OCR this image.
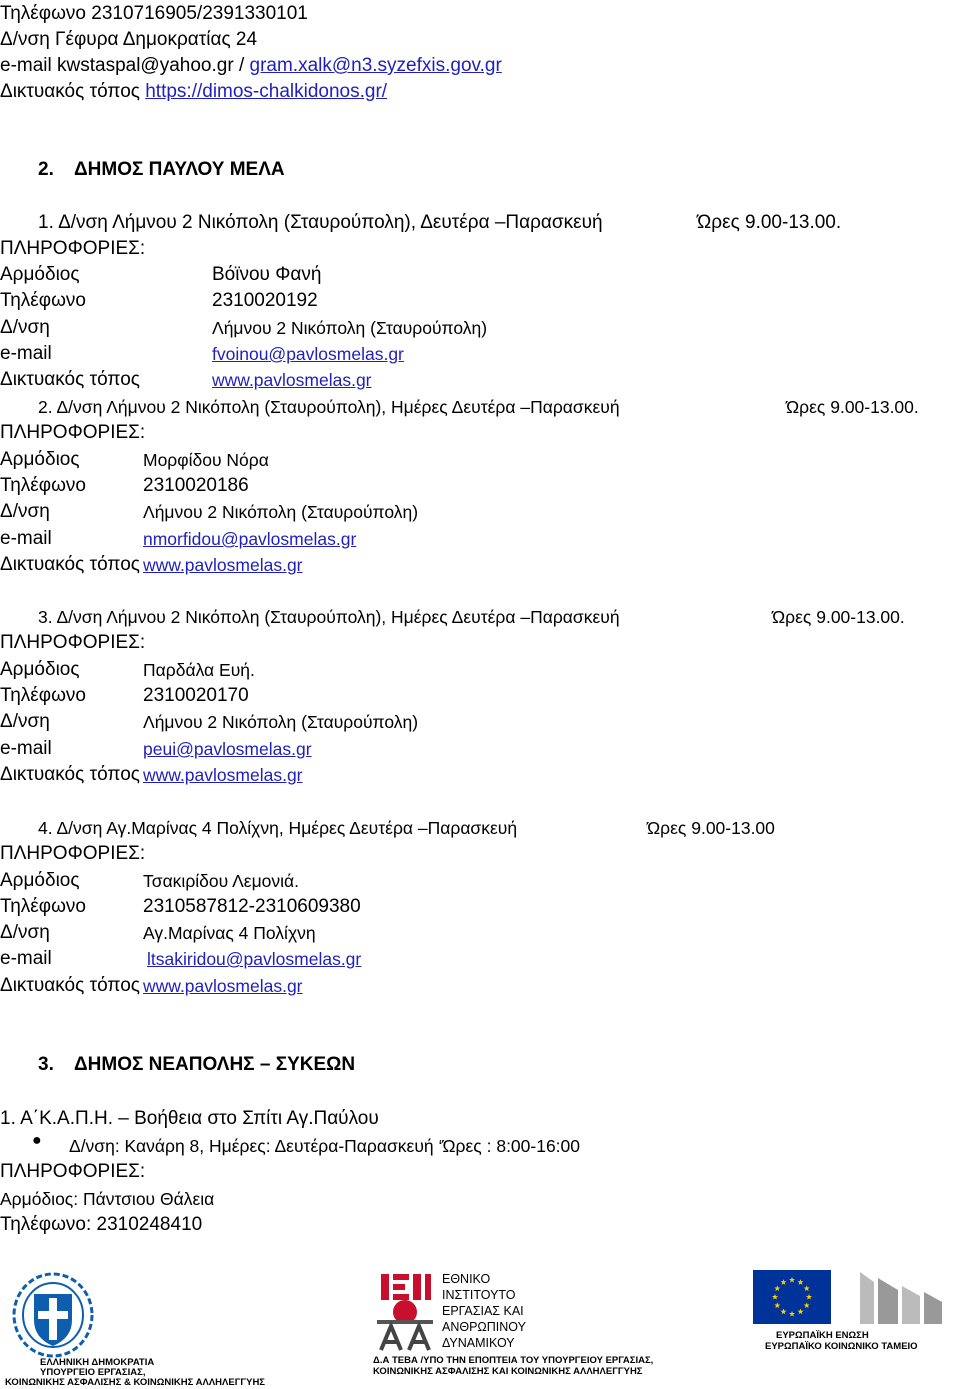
Τηλέφωνο 2310716905/2391330101
Δ/νση Γέφυρα Δημοκρατίας 24
e-mail kwstaspal@yahoo.gr / gram.xalk@n3.syzefxis.gov.gr
Δικτυακός τόπος https://dimos-chalkidonos.gr/
2. ΔΗΜΟΣ ΠΑΥΛΟΥ ΜΕΛΑ
1. Δ/νση Λήμνου 2 Νικόπολη (Σταυρούπολη), Δευτέρα –Παρασκευή	Ώρες 9.00-13.00.
ΠΛΗΡΟΦΟΡΙΕΣ:
Αρμόδιος	Βόϊνου Φανή
Τηλέφωνο	2310020192
Δ/νση	Λήμνου 2 Νικόπολη (Σταυρούπολη)
e-mail	fvoinou@pavlosmelas.gr
Δικτυακός τόπος	www.pavlosmelas.gr
2. Δ/νση Λήμνου 2 Νικόπολη (Σταυρούπολη), Ημέρες Δευτέρα –Παρασκευή	Ώρες 9.00-13.00.
ΠΛΗΡΟΦΟΡΙΕΣ:
Αρμόδιος	Μορφίδου Νόρα
Τηλέφωνο	2310020186
Δ/νση	Λήμνου 2 Νικόπολη (Σταυρούπολη)
e-mail	nmorfidou@pavlosmelas.gr
Δικτυακός τόπος www.pavlosmelas.gr
3. Δ/νση Λήμνου 2 Νικόπολη (Σταυρούπολη), Ημέρες Δευτέρα –Παρασκευή	Ώρες 9.00-13.00.
ΠΛΗΡΟΦΟΡΙΕΣ:
Αρμόδιος	Παρδάλα Ευή.
Τηλέφωνο	2310020170
Δ/νση	Λήμνου 2 Νικόπολη (Σταυρούπολη)
e-mail	peui@pavlosmelas.gr
Δικτυακός τόπος www.pavlosmelas.gr
4. Δ/νση Αγ.Μαρίνας 4 Πολίχνη, Ημέρες Δευτέρα –Παρασκευή	Ώρες 9.00-13.00
ΠΛΗΡΟΦΟΡΙΕΣ:
Αρμόδιος	Τσακιρίδου Λεμονιά.
Τηλέφωνο	2310587812-2310609380
Δ/νση	Αγ.Μαρίνας 4 Πολίχνη
e-mail	ltsakiridou@pavlosmelas.gr
Δικτυακός τόπος www.pavlosmelas.gr
3. ΔΗΜΟΣ ΝΕΑΠΟΛΗΣ – ΣΥΚΕΩΝ
1. Α΄Κ.Α.Π.Η. – Βοήθεια στο Σπίτι Αγ.Παύλου
● Δ/νση: Κανάρη 8, Ημέρες: Δευτέρα-Παρασκευή ‘Ώρες : 8:00-16:00
ΠΛΗΡΟΦΟΡΙΕΣ:
Αρμόδιος: Πάντσιου Θάλεια
Τηλέφωνο: 2310248410
ΕΛΛΗΝΙΚΗ ΔΗΜΟΚΡΑΤΙΑ
ΥΠΟΥΡΓΕΙΟ ΕΡΓΑΣΙΑΣ,
ΚΟΙΝΩΝΙΚΗΣ ΑΣΦΑΛΙΣΗΣ & ΚΟΙΝΩΝΙΚΗΣ ΑΛΛΗΛΕΓΓΥΗΣ
ΕΘΝΙΚΟ
ΙΝΣΤΙΤΟΥΤΟ
ΕΡΓΑΣΙΑΣ ΚΑΙ
ΑΝΘΡΩΠΙΝΟΥ
ΔΥΝΑΜΙΚΟΥ
Δ.Α ΤΕΒΑ /ΥΠΟ ΤΗΝ ΕΠΟΠΤΕΙΑ ΤΟΥ ΥΠΟΥΡΓΕΙΟΥ ΕΡΓΑΣΙΑΣ,
ΚΟΙΝΩΝΙΚΗΣ ΑΣΦΑΛΙΣΗΣ ΚΑΙ ΚΟΙΝΩΝΙΚΗΣ ΑΛΛΗΛΕΓΓΥΗΣ
ΕΥΡΩΠΑΪΚΗ ΕΝΩΣΗ
ΕΥΡΩΠΑΪΚΟ ΚΟΙΝΩΝΙΚΟ ΤΑΜΕΙΟ
